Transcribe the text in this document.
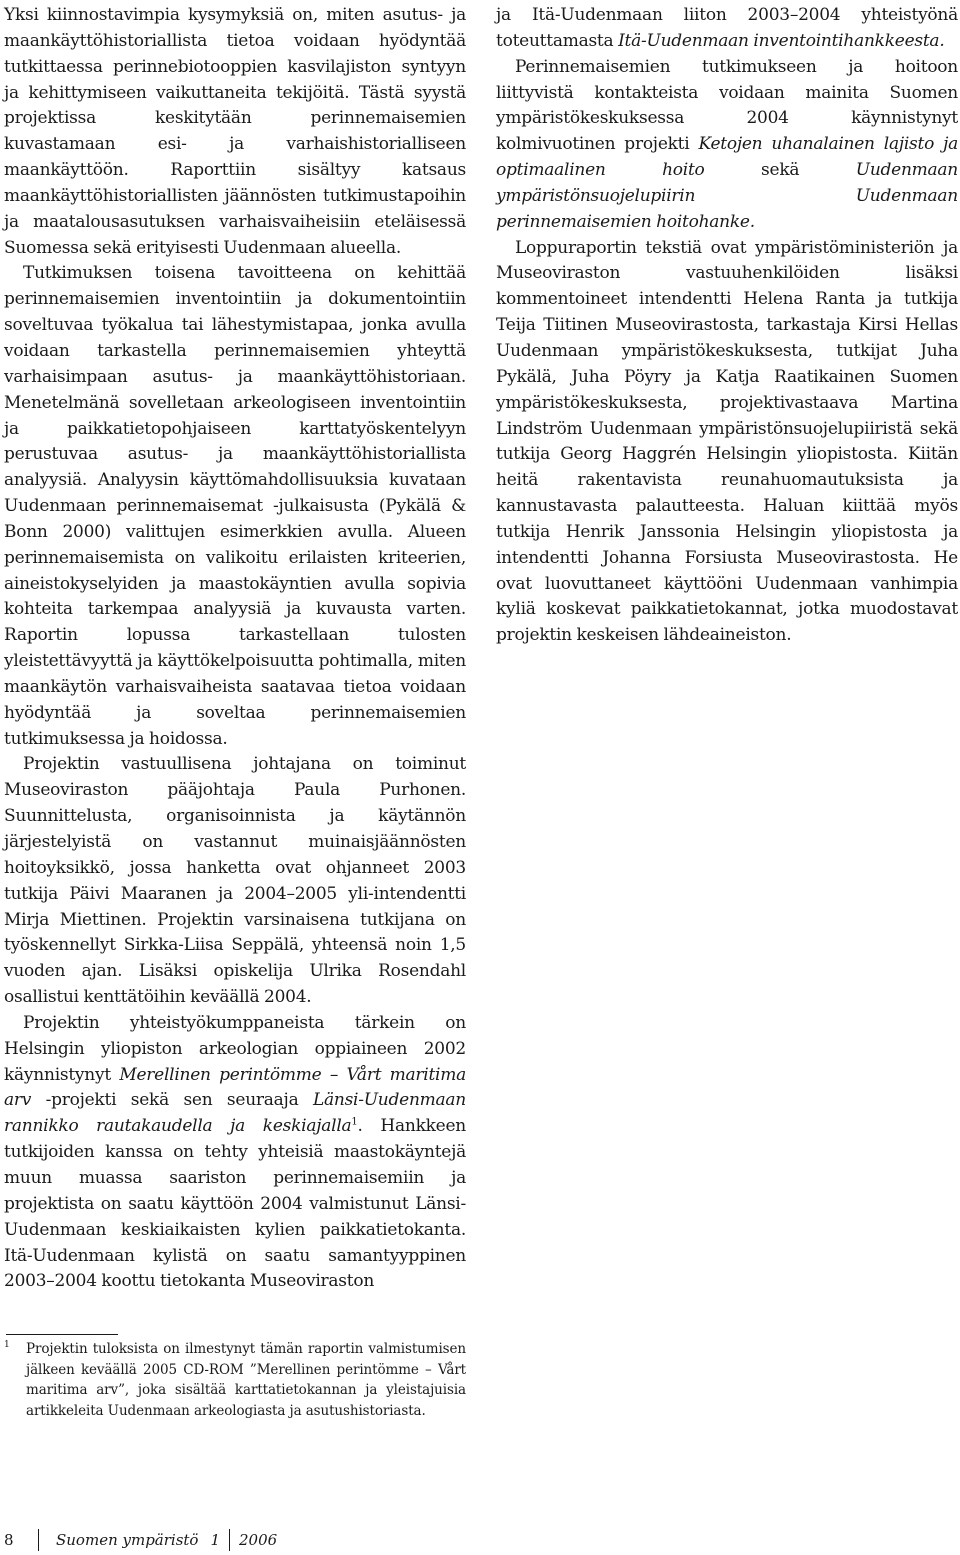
Yksi kiinnostavimpia kysymyksiä on, miten asutus- ja maankäyttöhistoriallista tietoa voidaan hyödyntää tutkittaessa perinnebiotooppien kasvilajiston syntyyn ja kehittymiseen vaikuttaneita tekijöitä. Tästä syystä projektissa keskitytään perinnemaisemien kuvastamaan esi- ja varhaishistorialliseen maankäyttöön. Raporttiin sisältyy katsaus maankäyttöhistoriallisten jäännösten tutkimustapoihin ja maatalousasutuksen varhaisvaiheisiin eteläisessä Suomessa sekä erityisesti Uudenmaan alueella.

Tutkimuksen toisena tavoitteena on kehittää perinnemaisemien inventointiin ja dokumentointiin soveltuvaa työkalua tai lähestymistapaa, jonka avulla voidaan tarkastella perinnemaisemien yhteyttä varhaisimpaan asutus- ja maankäyttöhistoriaan. Menetelmänä sovelletaan arkeologiseen inventointiin ja paikkatietopohjaiseen karttatyöskentelyyn perustuvaa asutus- ja maankäyttöhistoriallista analyysiä. Analyysin käyttömahdollisuuksia kuvataan Uudenmaan perinnemaisemat -julkaisusta (Pykälä & Bonn 2000) valittujen esimerkkien avulla. Alueen perinnemaisemista on valikoitu erilaisten kriteerien, aineistokyselyiden ja maastokäyntien avulla sopivia kohteita tarkempaa analyysiä ja kuvausta varten. Raportin lopussa tarkastellaan tulosten yleistettävyyttä ja käyttökelpoisuutta pohtimalla, miten maankäytön varhaisvaiheista saatavaa tietoa voidaan hyödyntää ja soveltaa perinnemaisemien tutkimuksessa ja hoidossa.

Projektin vastuullisena johtajana on toiminut Museoviraston pääjohtaja Paula Purhonen. Suunnittelusta, organisoinnista ja käytännön järjestelyistä on vastannut muinaisjäännösten hoitoyksikkö, jossa hanketta ovat ohjanneet 2003 tutkija Päivi Maaranen ja 2004–2005 yli-intendentti Mirja Miettinen. Projektin varsinaisena tutkijana on työskennellyt Sirkka-Liisa Seppälä, yhteensä noin 1,5 vuoden ajan. Lisäksi opiskelija Ulrika Rosendahl osallistui kenttätöihin keväällä 2004.

Projektin yhteistyökumppaneista tärkein on Helsingin yliopiston arkeologian oppiaineen 2002 käynnistynyt Merellinen perintömme – Vårt maritima arv -projekti sekä sen seuraaja Länsi-Uudenmaan rannikko rautakaudella ja keskiajalla$^1$. Hankkeen tutkijoiden kanssa on tehty yhteisiä maastokäyntejä muun muassa saariston perinnemaisemiin ja projektista on saatu käyttöön 2004 valmistunut Länsi-Uudenmaan keskiaikaisten kylien paikkatietokanta. Itä-Uudenmaan kylistä on saatu samantyyppinen 2003–2004 koottu tietokanta Museoviraston

ja Itä-Uudenmaan liiton 2003–2004 yhteistyönä toteuttamasta Itä-Uudenmaan inventointihankkeesta.

Perinnemaisemien tutkimukseen ja hoitoon liittyvistä kontakteista voidaan mainita Suomen ympäristökeskuksessa 2004 käynnistynyt kolmivuotinen projekti Ketojen uhanalainen lajisto ja optimaalinen hoito sekä Uudenmaan ympäristönsuojelupiirin Uudenmaan perinnemaisemien hoitohanke.

Loppuraportin tekstiä ovat ympäristöministeriön ja Museoviraston vastuuhenkilöiden lisäksi kommentoineet intendentti Helena Ranta ja tutkija Teija Tiitinen Museovirastosta, tarkastaja Kirsi Hellas Uudenmaan ympäristökeskuksesta, tutkijat Juha Pykälä, Juha Pöyry ja Katja Raatikainen Suomen ympäristökeskuksesta, projektivastaava Martina Lindström Uudenmaan ympäristönsuojelupiiristä sekä tutkija Georg Haggrén Helsingin yliopistosta. Kiitän heitä rakentavista reunahuomautuksista ja kannustavasta palautteesta. Haluan kiittää myös tutkija Henrik Janssonia Helsingin yliopistosta ja intendentti Johanna Forsiusta Museovirastosta. He ovat luovuttaneet käyttööni Uudenmaan vanhimpia kyliä koskevat paikkatietokannat, jotka muodostavat projektin keskeisen lähdeaineiston.

1	Projektin tuloksista on ilmestynyt tämän raportin valmistumisen jälkeen keväällä 2005 CD-ROM ”Merellinen perintömme – Vårt maritima arv”, joka sisältää karttatietokannan ja yleistajuisia artikkeleita Uudenmaan arkeologiasta ja asutushistoriasta.
8	Suomen ympäristö 1 2006
